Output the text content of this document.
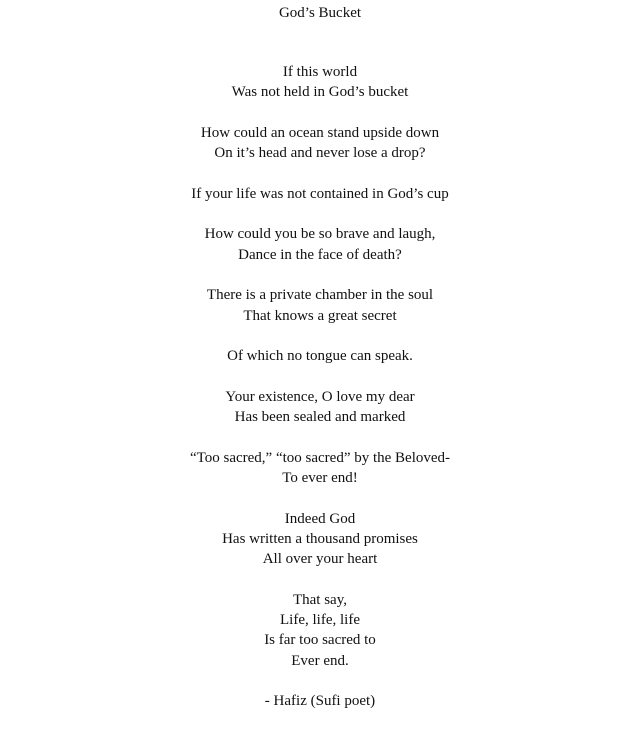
God’s Bucket
If this world
Was not held in God’s bucket
How could an ocean stand upside down
On it’s head and never lose a drop?
If your life was not contained in God’s cup
How could you be so brave and laugh,
Dance in the face of death?
There is a private chamber in the soul
That knows a great secret
Of which no tongue can speak.
Your existence, O love my dear
Has been sealed and marked
“Too sacred,” “too sacred” by the Beloved-
To ever end!
Indeed God
Has written a thousand promises
All over your heart
That say,
Life, life, life
Is far too sacred to
Ever end.
- Hafiz (Sufi poet)
